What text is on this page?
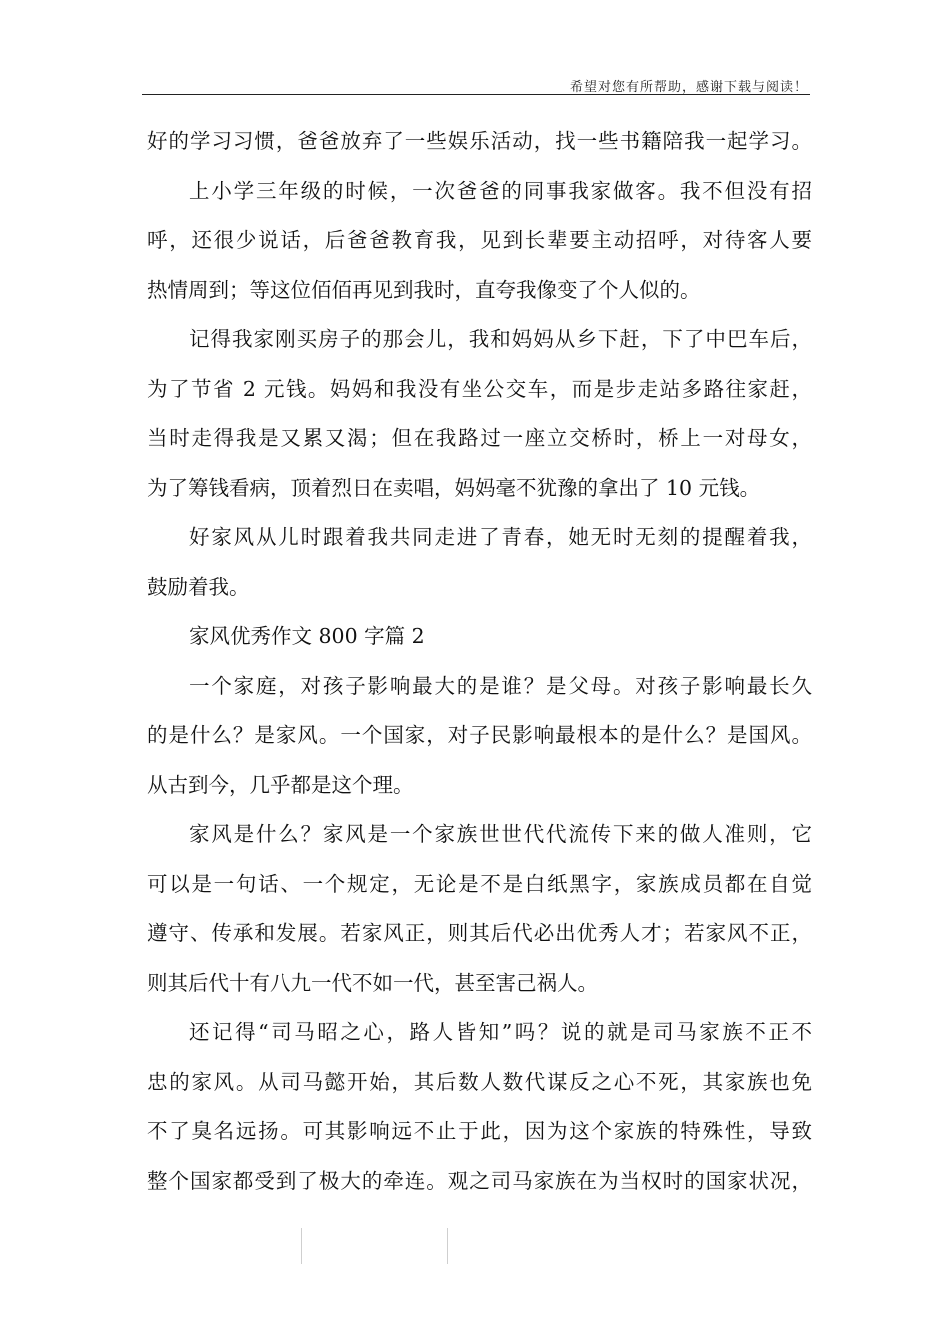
希望对您有所帮助，感谢下载与阅读！
好的学习习惯，爸爸放弃了一些娱乐活动，找一些书籍陪我一起学习。
上小学三年级的时候，一次爸爸的同事我家做客。我不但没有招
呼，还很少说话，后爸爸教育我，见到长辈要主动招呼，对待客人要
热情周到；等这位佰佰再见到我时，直夸我像变了个人似的。
记得我家刚买房子的那会儿，我和妈妈从乡下赶，下了中巴车后，
为了节省 2 元钱。妈妈和我没有坐公交车，而是步走站多路往家赶，
当时走得我是又累又渴；但在我路过一座立交桥时，桥上一对母女，
为了筹钱看病，顶着烈日在卖唱，妈妈毫不犹豫的拿出了 10 元钱。
好家风从儿时跟着我共同走进了青春，她无时无刻的提醒着我，
鼓励着我。
家风优秀作文 800 字篇 2
一个家庭，对孩子影响最大的是谁？是父母。对孩子影响最长久
的是什么？是家风。一个国家，对子民影响最根本的是什么？是国风。
从古到今，几乎都是这个理。
家风是什么？家风是一个家族世世代代流传下来的做人准则，它
可以是一句话、一个规定，无论是不是白纸黑字，家族成员都在自觉
遵守、传承和发展。若家风正，则其后代必出优秀人才；若家风不正，
则其后代十有八九一代不如一代，甚至害己祸人。
还记得“司马昭之心，路人皆知”吗？说的就是司马家族不正不
忠的家风。从司马懿开始，其后数人数代谋反之心不死，其家族也免
不了臭名远扬。可其影响远不止于此，因为这个家族的特殊性，导致
整个国家都受到了极大的牵连。观之司马家族在为当权时的国家状况，
